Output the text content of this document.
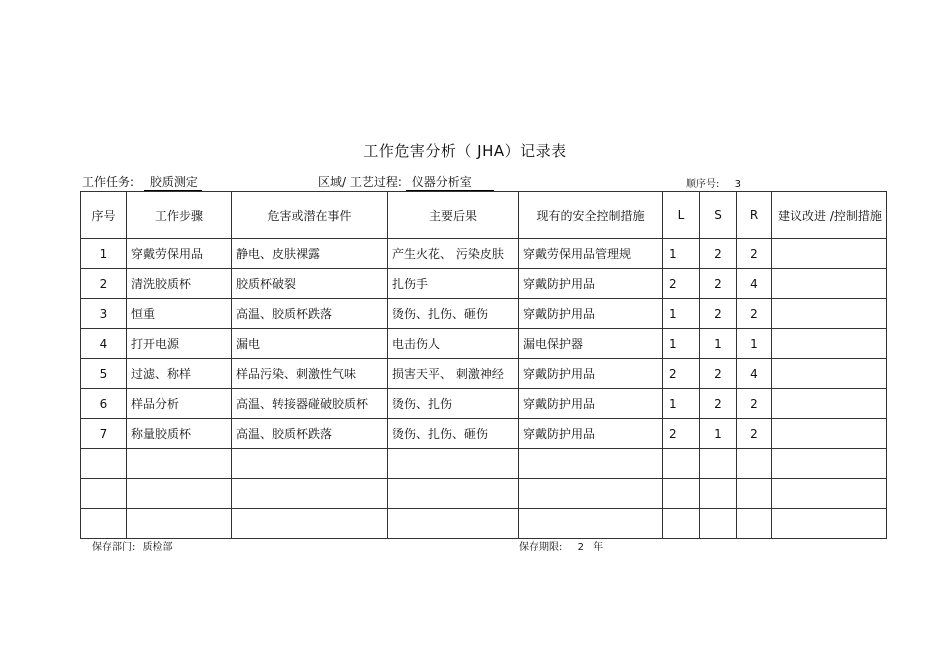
工作危害分析（ JHA）记录表
工作任务: 胶质测定	区域/ 工艺过程: 仪器分析室	顺序号: 3
序号	工作步骤	危害或潜在事件	主要后果	现有的安全控制措施	L	S	R	建议改进 /控制措施
1	穿戴劳保用品	静电、皮肤裸露	产生火花、 污染皮肤	穿戴劳保用品管理规	1	2	2	
2	清洗胶质杯	胶质杯破裂	扎伤手	穿戴防护用品	2	2	4	
3	恒重	高温、胶质杯跌落	烫伤、扎伤、砸伤	穿戴防护用品	1	2	2	
4	打开电源	漏电	电击伤人	漏电保护器	1	1	1	
5	过滤、称样	样品污染、刺激性气味	损害天平、 刺激神经	穿戴防护用品	2	2	4	
6	样品分析	高温、转接器碰破胶质杯	烫伤、扎伤	穿戴防护用品	1	2	2	
7	称量胶质杯	高温、胶质杯跌落	烫伤、扎伤、砸伤	穿戴防护用品	2	1	2	

保存部门: 质检部	保存期限: 2 年
